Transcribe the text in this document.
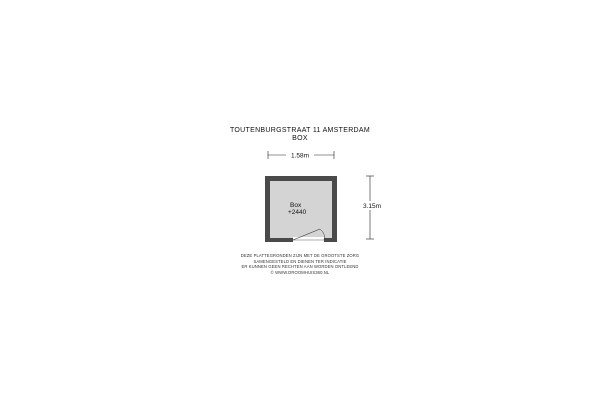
TOUTENBURGSTRAAT 11 AMSTERDAM
BOX
1.58m
3.15m
Box
+2440
DEZE PLATTEGRONDEN ZIJN MET DE GROOTSTE ZORG
SAMENGESTELD EN DIENEN TER INDICATIE
ER KUNNEN GEEN RECHTEN AAN WORDEN ONTLEEND
© WWW.DROOMHUIS360.NL
